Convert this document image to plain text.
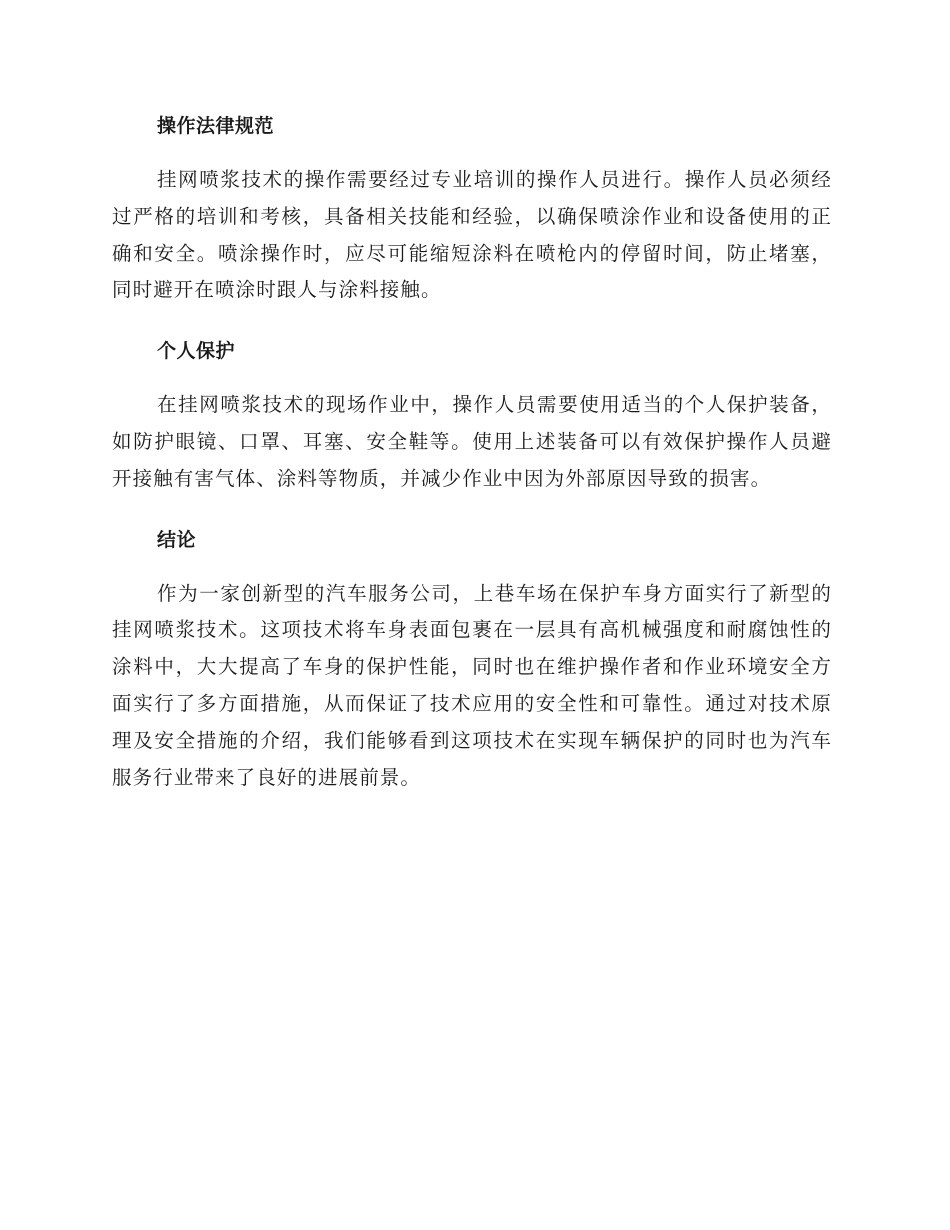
操作法律规范

挂网喷浆技术的操作需要经过专业培训的操作人员进行。操作人员必须经过严格的培训和考核，具备相关技能和经验，以确保喷涂作业和设备使用的正确和安全。喷涂操作时，应尽可能缩短涂料在喷枪内的停留时间，防止堵塞，同时避开在喷涂时跟人与涂料接触。

个人保护

在挂网喷浆技术的现场作业中，操作人员需要使用适当的个人保护装备，如防护眼镜、口罩、耳塞、安全鞋等。使用上述装备可以有效保护操作人员避开接触有害气体、涂料等物质，并减少作业中因为外部原因导致的损害。

结论

作为一家创新型的汽车服务公司，上巷车场在保护车身方面实行了新型的挂网喷浆技术。这项技术将车身表面包裹在一层具有高机械强度和耐腐蚀性的涂料中，大大提高了车身的保护性能，同时也在维护操作者和作业环境安全方面实行了多方面措施，从而保证了技术应用的安全性和可靠性。通过对技术原理及安全措施的介绍，我们能够看到这项技术在实现车辆保护的同时也为汽车服务行业带来了良好的进展前景。
